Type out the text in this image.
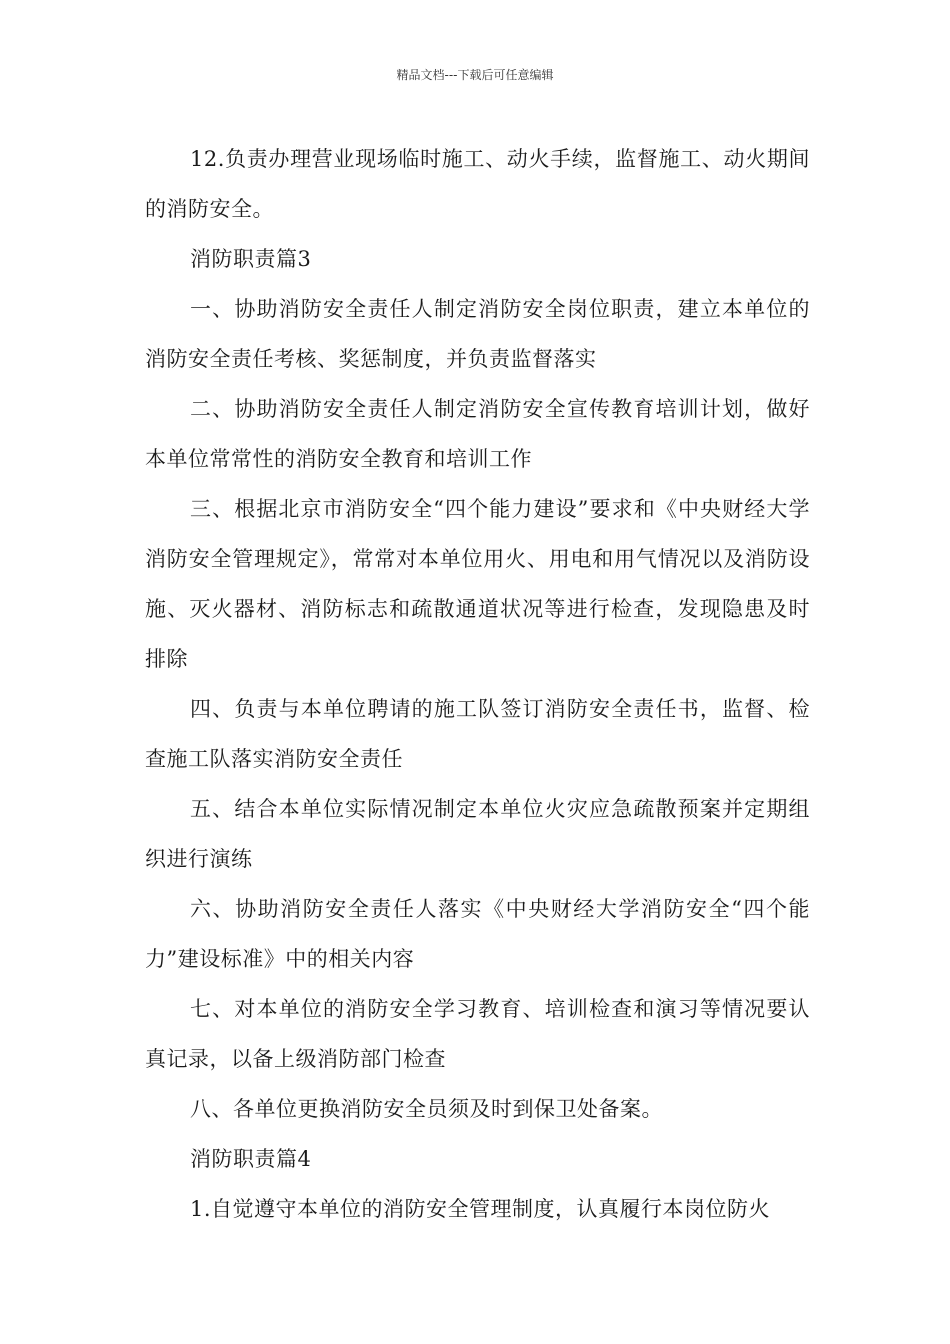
精品文档---下载后可任意编辑

12.负责办理营业现场临时施工、动火手续，监督施工、动火期间的消防安全。

消防职责篇3

一、协助消防安全责任人制定消防安全岗位职责，建立本单位的消防安全责任考核、奖惩制度，并负责监督落实

二、协助消防安全责任人制定消防安全宣传教育培训计划，做好本单位常常性的消防安全教育和培训工作

三、根据北京市消防安全“四个能力建设”要求和《中央财经大学消防安全管理规定》，常常对本单位用火、用电和用气情况以及消防设施、灭火器材、消防标志和疏散通道状况等进行检查，发现隐患及时排除

四、负责与本单位聘请的施工队签订消防安全责任书，监督、检查施工队落实消防安全责任

五、结合本单位实际情况制定本单位火灾应急疏散预案并定期组织进行演练

六、协助消防安全责任人落实《中央财经大学消防安全“四个能力”建设标准》中的相关内容

七、对本单位的消防安全学习教育、培训检查和演习等情况要认真记录，以备上级消防部门检查

八、各单位更换消防安全员须及时到保卫处备案。

消防职责篇4

1.自觉遵守本单位的消防安全管理制度，认真履行本岗位防火
